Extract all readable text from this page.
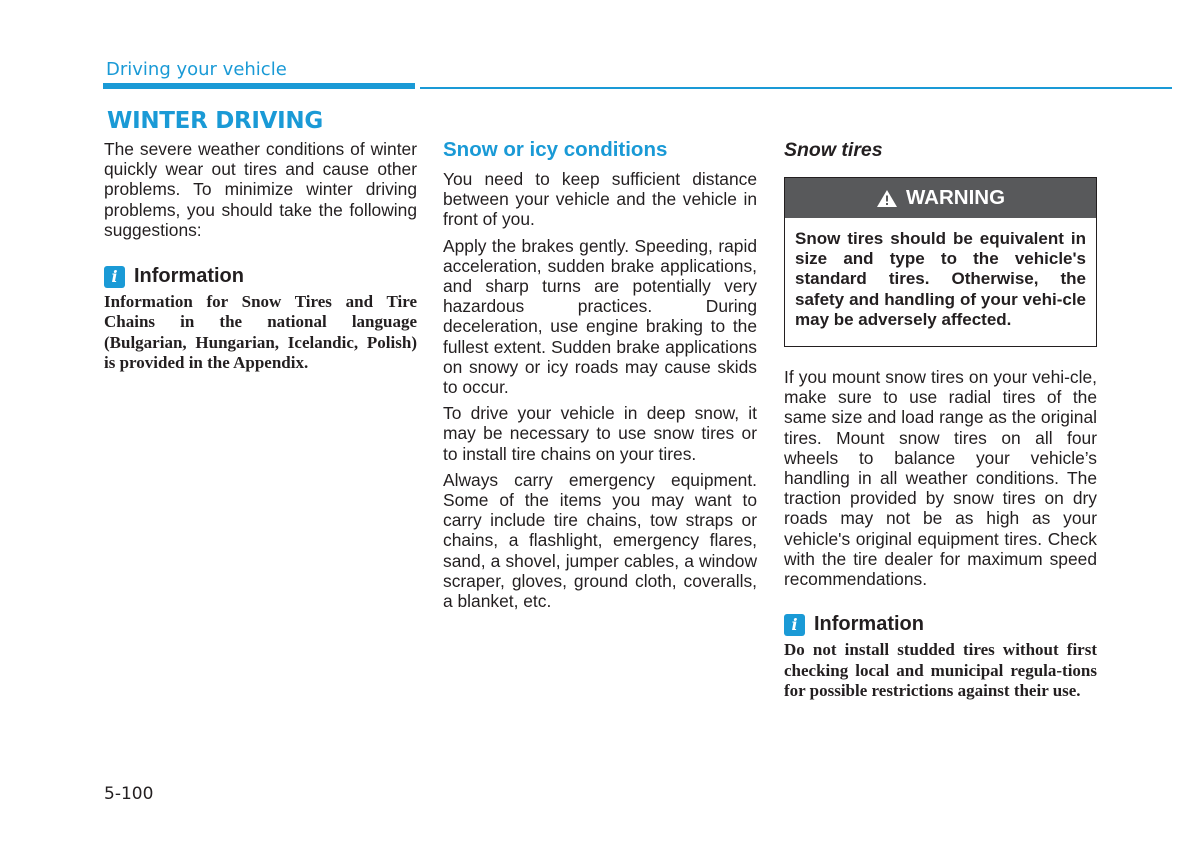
Driving your vehicle
WINTER DRIVING

The severe weather conditions of winter quickly wear out tires and cause other problems. To minimize winter driving problems, you should take the following suggestions:

i Information

Information for Snow Tires and Tire Chains in the national language (Bulgarian, Hungarian, Icelandic, Polish) is provided in the Appendix.

Snow or icy conditions

You need to keep sufficient distance between your vehicle and the vehicle in front of you.

Apply the brakes gently. Speeding, rapid acceleration, sudden brake applications, and sharp turns are potentially very hazardous practices. During deceleration, use engine braking to the fullest extent. Sudden brake applications on snowy or icy roads may cause skids to occur.

To drive your vehicle in deep snow, it may be necessary to use snow tires or to install tire chains on your tires.

Always carry emergency equipment. Some of the items you may want to carry include tire chains, tow straps or chains, a flashlight, emergency flares, sand, a shovel, jumper cables, a window scraper, gloves, ground cloth, coveralls, a blanket, etc.

Snow tires
WARNING

Snow tires should be equivalent in size and type to the vehicle's standard tires. Otherwise, the safety and handling of your vehi-cle may be adversely affected.

If you mount snow tires on your vehi-cle, make sure to use radial tires of the same size and load range as the original tires. Mount snow tires on all four wheels to balance your vehicle’s handling in all weather conditions. The traction provided by snow tires on dry roads may not be as high as your vehicle's original equipment tires. Check with the tire dealer for maximum speed recommendations.

i Information

Do not install studded tires without first checking local and municipal regula-tions for possible restrictions against their use.

5-100
